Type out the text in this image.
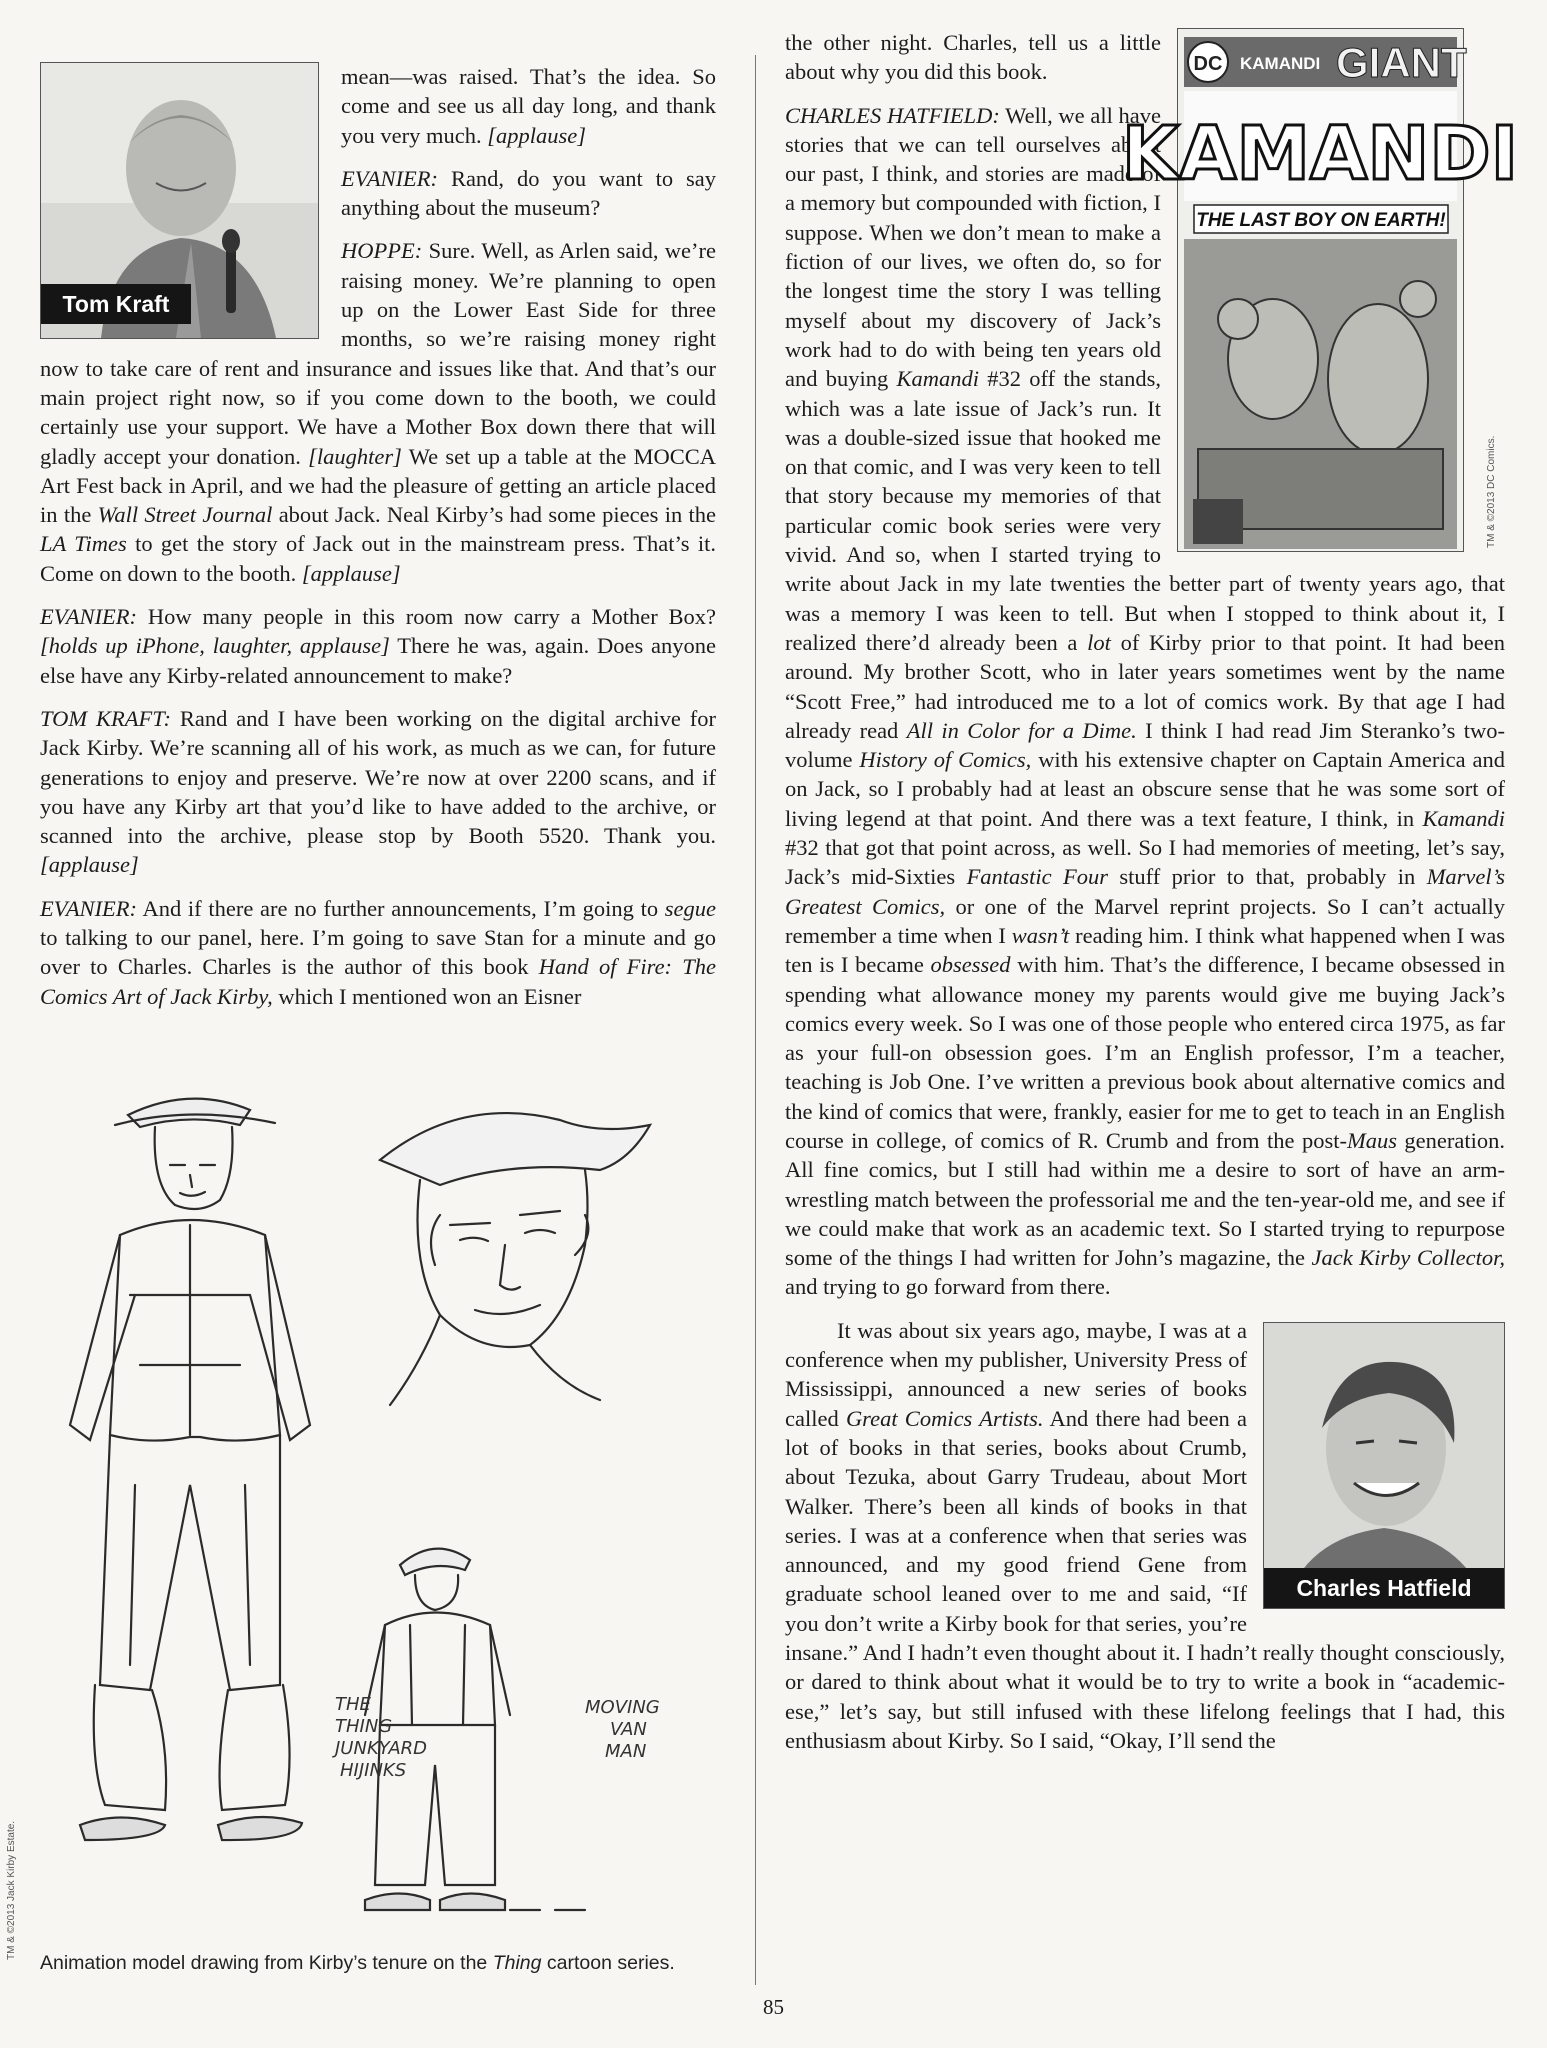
Tom Kraft

mean—was raised. That’s the idea. So come and see us all day long, and thank you very much. [applause]

EVANIER: Rand, do you want to say anything about the museum?

HOPPE: Sure. Well, as Arlen said, we’re raising money. We’re planning to open up on the Lower East Side for three months, so we’re raising money right now to take care of rent and insurance and issues like that. And that’s our main project right now, so if you come down to the booth, we could certainly use your support. We have a Mother Box down there that will gladly accept your donation. [laughter] We set up a table at the MOCCA Art Fest back in April, and we had the pleasure of getting an article placed in the Wall Street Journal about Jack. Neal Kirby’s had some pieces in the LA Times to get the story of Jack out in the mainstream press. That’s it. Come on down to the booth. [applause]

EVANIER: How many people in this room now carry a Mother Box? [holds up iPhone, laughter, applause] There he was, again. Does anyone else have any Kirby-related announcement to make?

TOM KRAFT: Rand and I have been working on the digital archive for Jack Kirby. We’re scanning all of his work, as much as we can, for future generations to enjoy and preserve. We’re now at over 2200 scans, and if you have any Kirby art that you’d like to have added to the archive, or scanned into the archive, please stop by Booth 5520. Thank you. [applause]

EVANIER: And if there are no further announcements, I’m going to segue to talking to our panel, here. I’m going to save Stan for a minute and go over to Charles. Charles is the author of this book Hand of Fire: The Comics Art of Jack Kirby, which I mentioned won an Eisner

THE
THING
JUNKYARD
HIJINKS
MOVING
VAN
MAN
TM & ©2013 Jack Kirby Estate.
Animation model drawing from Kirby’s tenure on the Thing cartoon series.
DC KAMANDI GIANT
KAMANDI
THE LAST BOY ON EARTH!
TM & ©2013 DC Comics.

the other night. Charles, tell us a little about why you did this book.

CHARLES HATFIELD: Well, we all have stories that we can tell ourselves about our past, I think, and stories are made of a memory but compounded with fiction, I suppose. When we don’t mean to make a fiction of our lives, we often do, so for the longest time the story I was telling myself about my discovery of Jack’s work had to do with being ten years old and buying Kamandi #32 off the stands, which was a late issue of Jack’s run. It was a double-sized issue that hooked me on that comic, and I was very keen to tell that story because my memories of that particular comic book series were very vivid. And so, when I started trying to write about Jack in my late twenties the better part of twenty years ago, that was a memory I was keen to tell. But when I stopped to think about it, I realized there’d already been a lot of Kirby prior to that point. It had been around. My brother Scott, who in later years sometimes went by the name “Scott Free,” had introduced me to a lot of comics work. By that age I had already read All in Color for a Dime. I think I had read Jim Steranko’s two-volume History of Comics, with his extensive chapter on Captain America and on Jack, so I probably had at least an obscure sense that he was some sort of living legend at that point. And there was a text feature, I think, in Kamandi #32 that got that point across, as well. So I had memories of meeting, let’s say, Jack’s mid-Sixties Fantastic Four stuff prior to that, probably in Marvel’s Greatest Comics, or one of the Marvel reprint projects. So I can’t actually remember a time when I wasn’t reading him. I think what happened when I was ten is I became obsessed with him. That’s the difference, I became obsessed in spending what allowance money my parents would give me buying Jack’s comics every week. So I was one of those people who entered circa 1975, as far as your full-on obsession goes. I’m an English professor, I’m a teacher, teaching is Job One. I’ve written a previous book about alternative comics and the kind of comics that were, frankly, easier for me to get to teach in an English course in college, of comics of R. Crumb and from the post-Maus generation. All fine comics, but I still had within me a desire to sort of have an arm-wrestling match between the professorial me and the ten-year-old me, and see if we could make that work as an academic text. So I started trying to repurpose some of the things I had written for John’s magazine, the Jack Kirby Collector, and trying to go forward from there.

Charles Hatfield

It was about six years ago, maybe, I was at a conference when my publisher, University Press of Mississippi, announced a new series of books called Great Comics Artists. And there had been a lot of books in that series, books about Crumb, about Tezuka, about Garry Trudeau, about Mort Walker. There’s been all kinds of books in that series. I was at a conference when that series was announced, and my good friend Gene from graduate school leaned over to me and said, “If you don’t write a Kirby book for that series, you’re insane.” And I hadn’t even thought about it. I hadn’t really thought consciously, or dared to think about what it would be to try to write a book in “academic-ese,” let’s say, but still infused with these lifelong feelings that I had, this enthusiasm about Kirby. So I said, “Okay, I’ll send the

85
